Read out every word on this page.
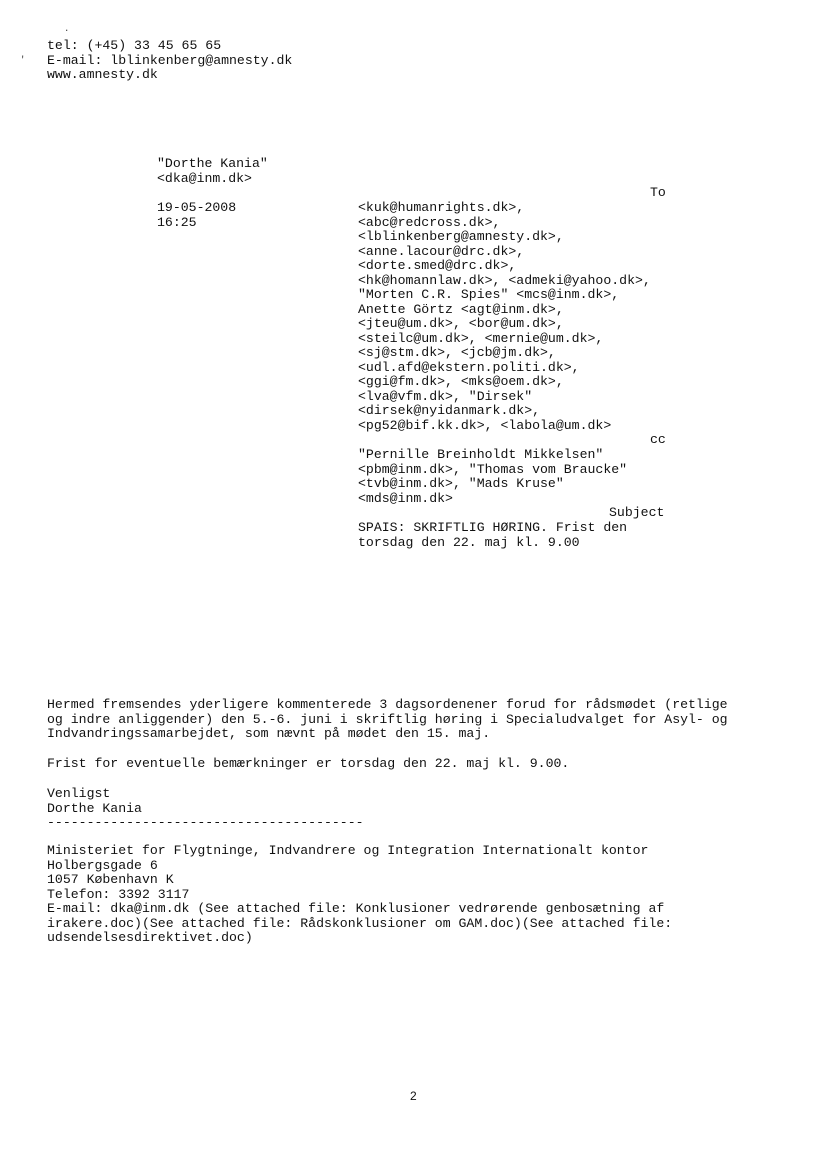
.
'
tel: (+45) 33 45 65 65
E-mail: lblinkenberg@amnesty.dk
www.amnesty.dk
"Dorthe Kania"
<dka@inm.dk>
19-05-2008
16:25
To
<kuk@humanrights.dk>,
<abc@redcross.dk>,
<lblinkenberg@amnesty.dk>,
<anne.lacour@drc.dk>,
<dorte.smed@drc.dk>,
<hk@homannlaw.dk>, <admeki@yahoo.dk>,
"Morten C.R. Spies" <mcs@inm.dk>,
Anette Görtz <agt@inm.dk>,
<jteu@um.dk>, <bor@um.dk>,
<steilc@um.dk>, <mernie@um.dk>,
<sj@stm.dk>, <jcb@jm.dk>,
<udl.afd@ekstern.politi.dk>,
<ggi@fm.dk>, <mks@oem.dk>,
<lva@vfm.dk>, "Dirsek"
<dirsek@nyidanmark.dk>,
<pg52@bif.kk.dk>, <labola@um.dk>
cc
"Pernille Breinholdt Mikkelsen"
<pbm@inm.dk>, "Thomas vom Braucke"
<tvb@inm.dk>, "Mads Kruse"
<mds@inm.dk>
Subject
SPAIS: SKRIFTLIG HØRING. Frist den
torsdag den 22. maj kl. 9.00
Hermed fremsendes yderligere kommenterede 3 dagsordenener forud for rådsmødet (retlige
og indre anliggender) den 5.-6. juni i skriftlig høring i Specialudvalget for Asyl- og
Indvandringssamarbejdet, som nævnt på mødet den 15. maj.
Frist for eventuelle bemærkninger er torsdag den 22. maj kl. 9.00.
Venligst
Dorthe Kania
----------------------------------------
Ministeriet for Flygtninge, Indvandrere og Integration Internationalt kontor
Holbergsgade 6
1057 København K
Telefon: 3392 3117
E-mail: dka@inm.dk (See attached file: Konklusioner vedrørende genbosætning af
irakere.doc)(See attached file: Rådskonklusioner om GAM.doc)(See attached file:
udsendelsesdirektivet.doc)
2
